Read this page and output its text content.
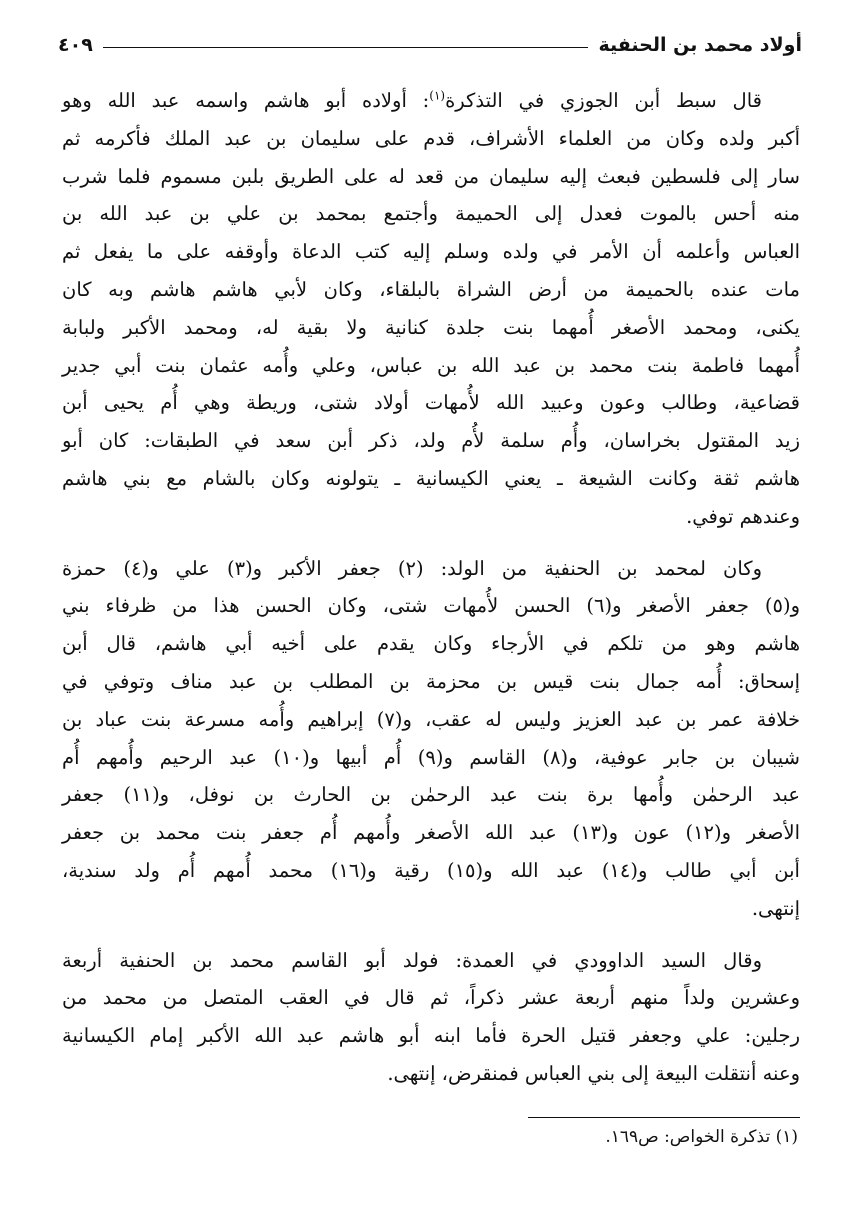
أولاد محمد بن الحنفية
٤٠٩

قال سبط أبن الجوزي في التذكرة$^{(١)}$: أولاده أبو هاشم واسمه عبد الله وهو
أكبر ولده وكان من العلماء الأشراف، قدم على سليمان بن عبد الملك فأكرمه ثم
سار إلى فلسطين فبعث إليه سليمان من قعد له على الطريق بلبن مسموم فلما شرب
منه أحس بالموت فعدل إلى الحميمة وأجتمع بمحمد بن علي بن عبد الله بن
العباس وأعلمه أن الأمر في ولده وسلم إليه كتب الدعاة وأوقفه على ما يفعل ثم
مات عنده بالحميمة من أرض الشراة بالبلقاء، وكان لأبي هاشم هاشم وبه كان
يكنى، ومحمد الأصغر أُمهما بنت جلدة كنانية ولا بقية له، ومحمد الأكبر ولبابة
أُمهما فاطمة بنت محمد بن عبد الله بن عباس، وعلي وأُمه عثمان بنت أبي جدير
قضاعية، وطالب وعون وعبيد الله لأُمهات أولاد شتى، وريطة وهي أُم يحيى أبن
زيد المقتول بخراسان، وأُم سلمة لأُم ولد، ذكر أبن سعد في الطبقات: كان أبو
هاشم ثقة وكانت الشيعة ـ يعني الكيسانية ـ يتولونه وكان بالشام مع بني هاشم
وعندهم توفي.

وكان لمحمد بن الحنفية من الولد: (٢) جعفر الأكبر و(٣) علي و(٤) حمزة
و(٥) جعفر الأصغر و(٦) الحسن لأُمهات شتى، وكان الحسن هذا من ظرفاء بني
هاشم وهو من تلكم في الأرجاء وكان يقدم على أخيه أبي هاشم، قال أبن
إسحاق: أُمه جمال بنت قيس بن محزمة بن المطلب بن عبد مناف وتوفي في
خلافة عمر بن عبد العزيز وليس له عقب، و(٧) إبراهيم وأُمه مسرعة بنت عباد بن
شيبان بن جابر عوفية، و(٨) القاسم و(٩) أُم أبيها و(١٠) عبد الرحيم وأُمهم أُم
عبد الرحمٰن وأُمها برة بنت عبد الرحمٰن بن الحارث بن نوفل، و(١١) جعفر
الأصغر و(١٢) عون و(١٣) عبد الله الأصغر وأُمهم أُم جعفر بنت محمد بن جعفر
أبن أبي طالب و(١٤) عبد الله و(١٥) رقية و(١٦) محمد أُمهم أُم ولد سندية،
إنتهى.

وقال السيد الداوودي في العمدة: فولد أبو القاسم محمد بن الحنفية أربعة
وعشرين ولداً منهم أربعة عشر ذكراً، ثم قال في العقب المتصل من محمد من
رجلين: علي وجعفر قتيل الحرة فأما ابنه أبو هاشم عبد الله الأكبر إمام الكيسانية
وعنه أنتقلت البيعة إلى بني العباس فمنقرض، إنتهى.

(١) تذكرة الخواص: ص١٦٩.
